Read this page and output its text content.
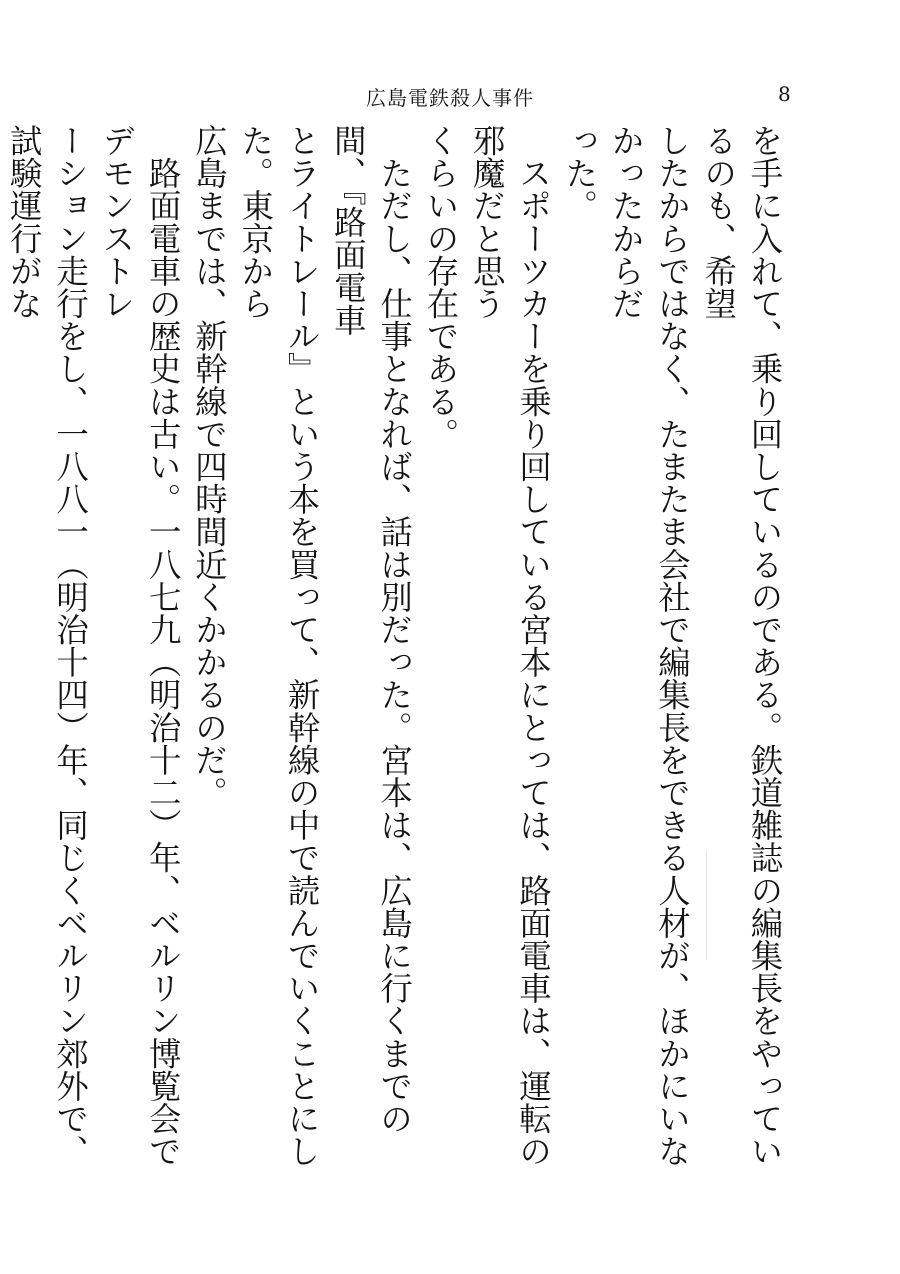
広島電鉄殺人事件	8

を手に入れて、乗り回しているのである。鉄道雑誌の編集長をやっているのも、希望

したからではなく、たまたま会社で編集長をできる人材が、ほかにいなかったからだ

った。

　スポーツカーを乗り回している宮本にとっては、路面電車は、運転の邪魔だと思う

くらいの存在である。

　ただし、仕事となれば、話は別だった。宮本は、広島に行くまでの間、『路面電車

とライトレール』という本を買って、新幹線の中で読んでいくことにした。東京から

広島までは、新幹線で四時間近くかかるのだ。

　路面電車の歴史は古い。一八七九（明治十二）年、ベルリン博覧会でデモンストレ

ーション走行をし、一八八一（明治十四）年、同じくベルリン郊外で、試験運行がな
